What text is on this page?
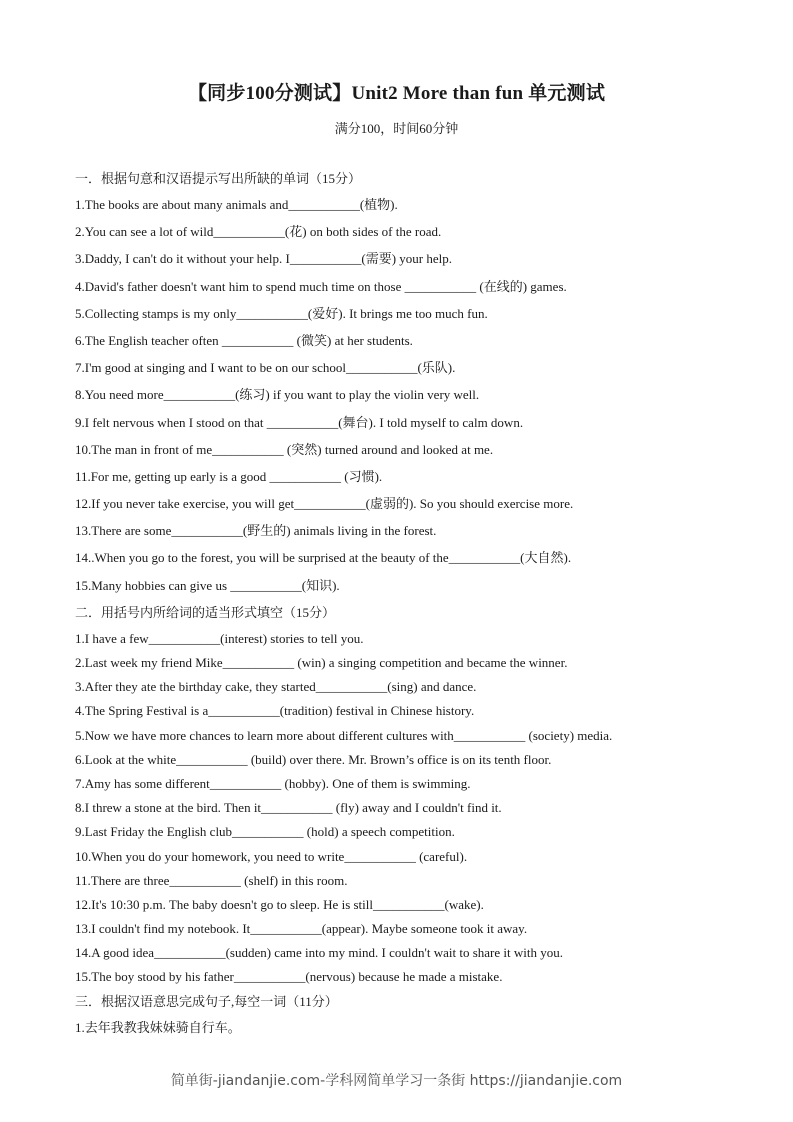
【同步100分测试】Unit2 More than fun 单元测试
满分100，时间60分钟
一．根据句意和汉语提示写出所缺的单词（15分）
1.The books are about many animals and___________(植物).
2.You can see a lot of wild___________(花) on both sides of the road.
3.Daddy, I can't do it without your help. I___________(需要) your help.
4.David's father doesn't want him to spend much time on those ___________ (在线的) games.
5.Collecting stamps is my only___________(爱好). It brings me too much fun.
6.The English teacher often ___________ (微笑) at her students.
7.I'm good at singing and I want to be on our school___________(乐队).
8.You need more___________(练习) if you want to play the violin very well.
9.I felt nervous when I stood on that ___________(舞台). I told myself to calm down.
10.The man in front of me___________ (突然) turned around and looked at me.
11.For me, getting up early is a good ___________ (习惯).
12.If you never take exercise, you will get___________(虚弱的). So you should exercise more.
13.There are some___________(野生的) animals living in the forest.
14..When you go to the forest, you will be surprised at the beauty of the___________(大自然).
15.Many hobbies can give us ___________(知识).
二．用括号内所给词的适当形式填空（15分）
1.I have a few___________(interest) stories to tell you.
2.Last week my friend Mike___________ (win) a singing competition and became the winner.
3.After they ate the birthday cake, they started___________(sing) and dance.
4.The Spring Festival is a___________(tradition) festival in Chinese history.
5.Now we have more chances to learn more about different cultures with___________ (society) media.
6.Look at the white___________ (build) over there. Mr. Brown’s office is on its tenth floor.
7.Amy has some different___________ (hobby). One of them is swimming.
8.I threw a stone at the bird. Then it___________ (fly) away and I couldn't find it.
9.Last Friday the English club___________ (hold) a speech competition.
10.When you do your homework, you need to write___________ (careful).
11.There are three___________ (shelf) in this room.
12.It's 10:30 p.m. The baby doesn't go to sleep. He is still___________(wake).
13.I couldn't find my notebook. It___________(appear). Maybe someone took it away.
14.A good idea___________(sudden) came into my mind. I couldn't wait to share it with you.
15.The boy stood by his father___________(nervous) because he made a mistake.
三．根据汉语意思完成句子,每空一词（11分）
1.去年我教我妹妹骑自行车。
简单街-jiandanjie.com-学科网简单学习一条街 https://jiandanjie.com
